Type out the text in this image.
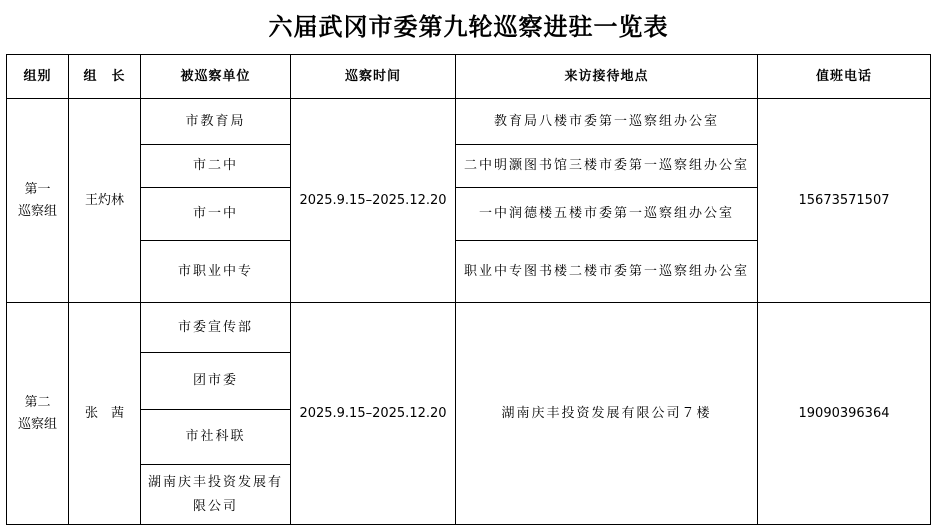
六届武冈市委第九轮巡察进驻一览表
组别	组　长	被巡察单位	巡察时间	来访接待地点	值班电话

第一
巡察组	王灼林	市教育局	2025.9.15–2025.12.20	教育局八楼市委第一巡察组办公室	15673571507
		市二中		二中明灏图书馆三楼市委第一巡察组办公室	
		市一中		一中润德楼五楼市委第一巡察组办公室	
		市职业中专		职业中专图书楼二楼市委第一巡察组办公室	

第二
巡察组	张　茜	市委宣传部	2025.9.15–2025.12.20	湖南庆丰投资发展有限公司７楼	19090396364
		团市委			
		市社科联			
		湖南庆丰投资发展有限公司			
